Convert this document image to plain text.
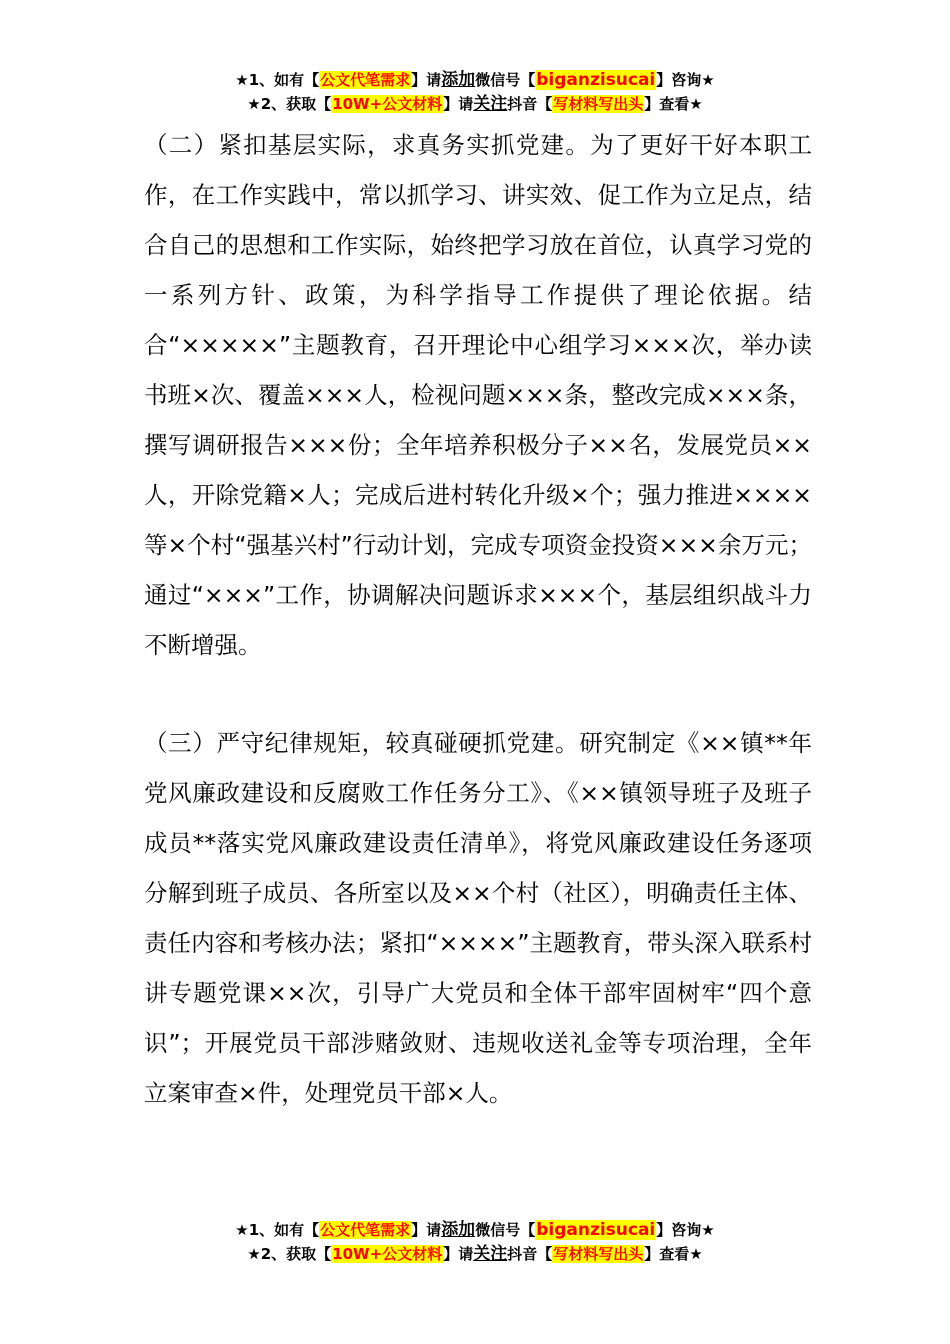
★1、如有【公文代笔需求】请添加微信号【biganzisucai】咨询★
★2、获取【10W+公文材料】请关注抖音【写材料写出头】查看★

（二）紧扣基层实际，求真务实抓党建。为了更好干好本职工作，在工作实践中，常以抓学习、讲实效、促工作为立足点，结合自己的思想和工作实际，始终把学习放在首位，认真学习党的一系列方针、政策，为科学指导工作提供了理论依据。结合“×××××”主题教育，召开理论中心组学习×××次，举办读书班×次、覆盖×××人，检视问题×××条，整改完成×××条，撰写调研报告×××份；全年培养积极分子××名，发展党员××人，开除党籍×人；完成后进村转化升级×个；强力推进××××等×个村“强基兴村”行动计划，完成专项资金投资×××余万元；通过“×××”工作，协调解决问题诉求×××个，基层组织战斗力不断增强。

（三）严守纪律规矩，较真碰硬抓党建。研究制定《××镇**年党风廉政建设和反腐败工作任务分工》、《××镇领导班子及班子成员**落实党风廉政建设责任清单》，将党风廉政建设任务逐项分解到班子成员、各所室以及××个村（社区），明确责任主体、责任内容和考核办法；紧扣“××××”主题教育，带头深入联系村讲专题党课××次，引导广大党员和全体干部牢固树牢“四个意识”；开展党员干部涉赌敛财、违规收送礼金等专项治理，全年立案审查×件，处理党员干部×人。

★1、如有【公文代笔需求】请添加微信号【biganzisucai】咨询★
★2、获取【10W+公文材料】请关注抖音【写材料写出头】查看★
